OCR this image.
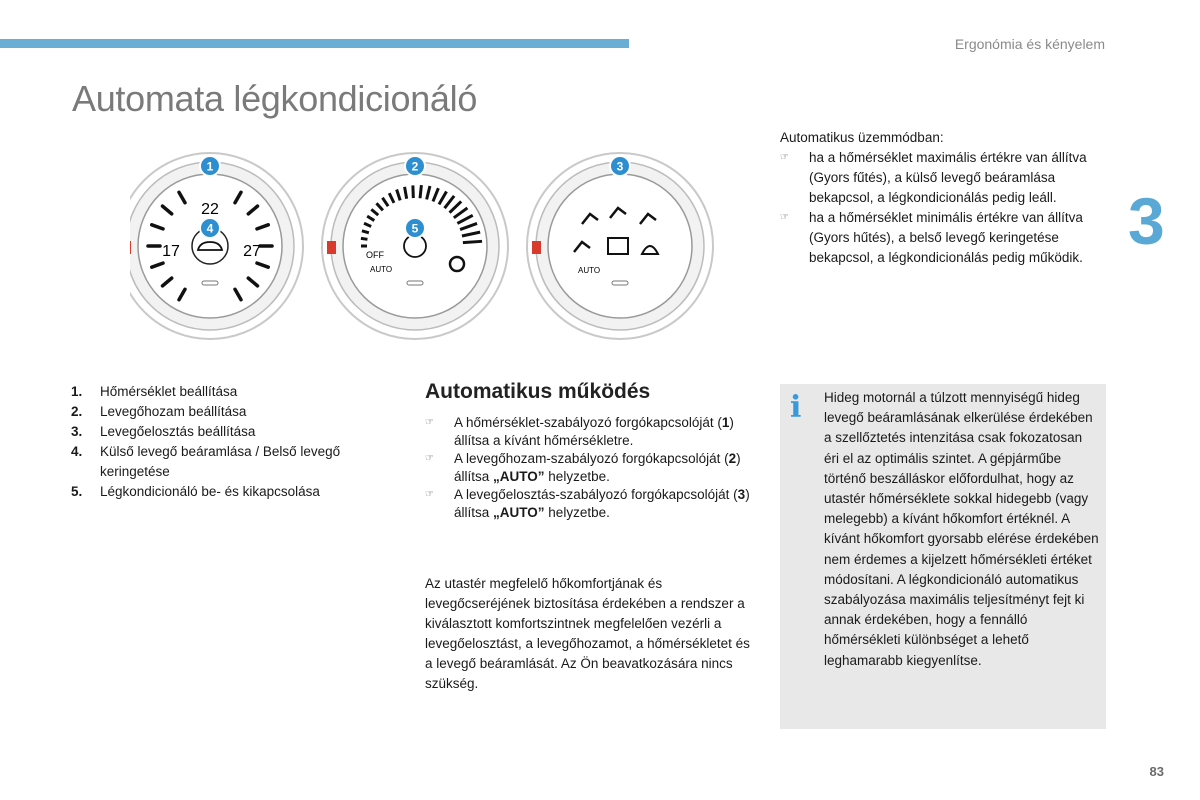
Ergonómia és kényelem
Automata légkondicionáló
3
22
17	27	OFF
AUTO	AUTO
1	2	3
4	5
1.	Hőmérséklet beállítása
2.	Levegőhozam beállítása
3.	Levegőelosztás beállítása
4.	Külső levegő beáramlása / Belső levegő keringetése
5.	Légkondicionáló be- és kikapcsolása
Automatikus működés
☞ A hőmérséklet-szabályozó forgókapcsolóját (1) állítsa a kívánt hőmérsékletre.
☞ A levegőhozam-szabályozó forgókapcsolóját (2) állítsa „AUTO” helyzetbe.
☞ A levegőelosztás-szabályozó forgókapcsolóját (3) állítsa „AUTO” helyzetbe.

Az utastér megfelelő hőkomfortjának és levegőcseréjének biztosítása érdekében a rendszer a kiválasztott komfortszintnek megfelelően vezérli a levegőelosztást, a levegőhozamot, a hőmérsékletet és a levegő beáramlását. Az Ön beavatkozására nincs szükség.

Automatikus üzemmódban:
☞ ha a hőmérséklet maximális értékre van állítva (Gyors fűtés), a külső levegő beáramlása bekapcsol, a légkondicionálás pedig leáll.
☞ ha a hőmérséklet minimális értékre van állítva (Gyors hűtés), a belső levegő keringetése bekapcsol, a légkondicionálás pedig működik.
i Hideg motornál a túlzott mennyiségű hideg levegő beáramlásának elkerülése érdekében a szellőztetés intenzitása csak fokozatosan éri el az optimális szintet. A gépjárműbe történő beszálláskor előfordulhat, hogy az utastér hőmérséklete sokkal hidegebb (vagy melegebb) a kívánt hőkomfort értéknél. A kívánt hőkomfort gyorsabb elérése érdekében nem érdemes a kijelzett hőmérsékleti értéket módosítani. A légkondicionáló automatikus szabályozása maximális teljesítményt fejt ki annak érdekében, hogy a fennálló hőmérsékleti különbséget a lehető leghamarabb kiegyenlítse.

83
